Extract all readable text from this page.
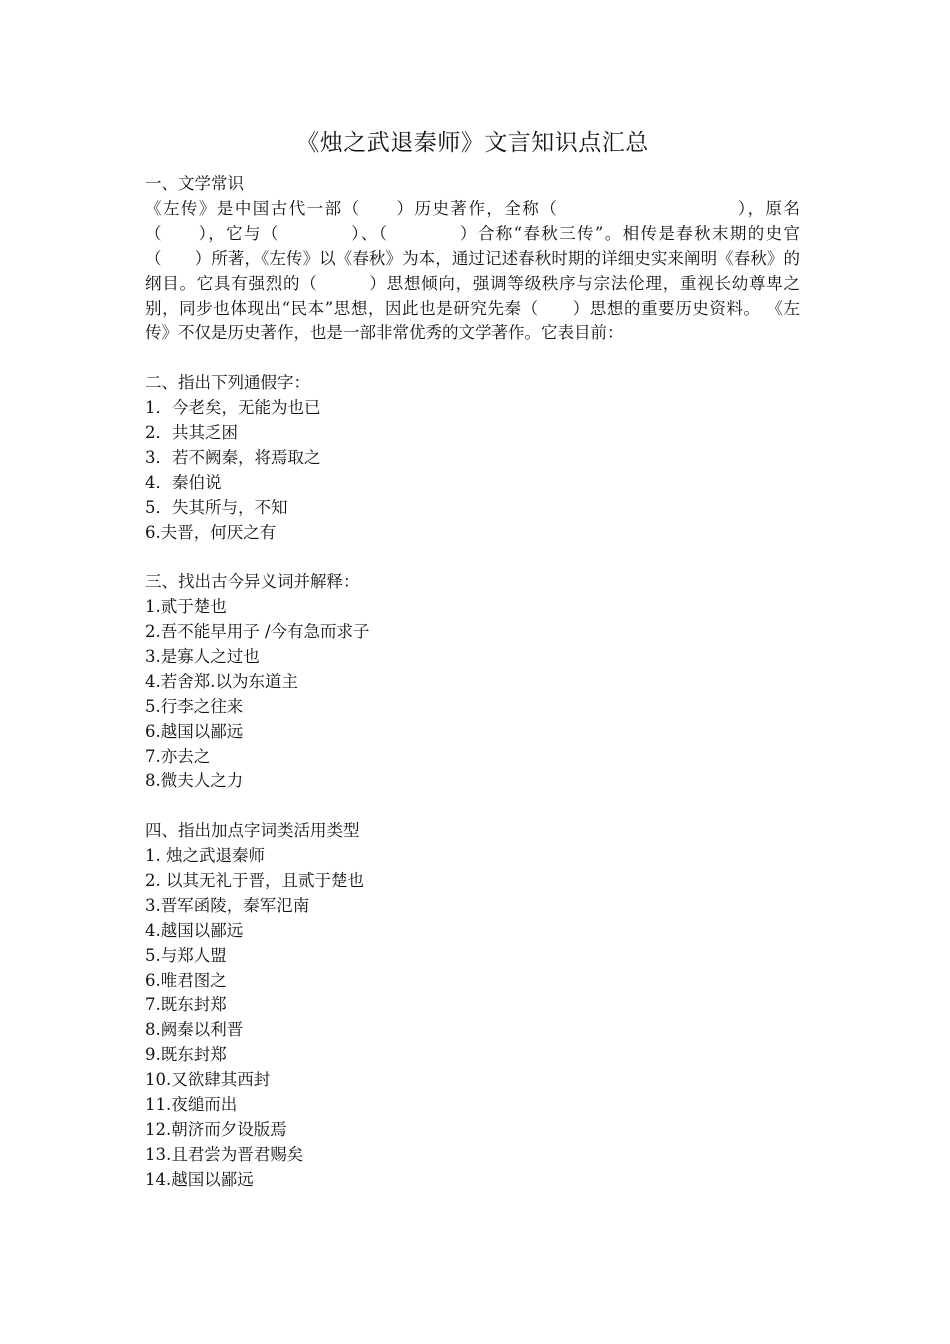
《烛之武退秦师》文言知识点汇总
一、文学常识

《左传》是中国古代一部（　　）历史著作，全称（　　　　　　　　　　），原名（　　），它与（　　　　）、（　　　　）合称“春秋三传”。相传是春秋末期的史官（　　）所著，《左传》以《春秋》为本，通过记述春秋时期的详细史实来阐明《春秋》的纲目。它具有强烈的（　　　）思想倾向，强调等级秩序与宗法伦理，重视长幼尊卑之别，同步也体现出“民本”思想，因此也是研究先秦（　　）思想的重要历史资料。 《左传》不仅是历史著作，也是一部非常优秀的文学著作。它表目前：

二、指出下列通假字：
1．今老矣，无能为也已
2．共其乏困
3．若不阙秦，将焉取之
4．秦伯说
5．失其所与，不知
6.夫晋，何厌之有
三、找出古今异义词并解释：
1.贰于楚也
2.吾不能早用子 /今有急而求子
3.是寡人之过也
4.若舍郑.以为东道主
5.行李之往来
6.越国以鄙远
7.亦去之
8.微夫人之力
四、指出加点字词类活用类型
1. 烛之武退秦师
2. 以其无礼于晋，且贰于楚也
3.晋军函陵，秦军氾南
4.越国以鄙远
5.与郑人盟
6.唯君图之
7.既东封郑
8.阙秦以利晋
9.既东封郑
10.又欲肆其西封
11.夜缒而出
12.朝济而夕设版焉
13.且君尝为晋君赐矣
14.越国以鄙远
